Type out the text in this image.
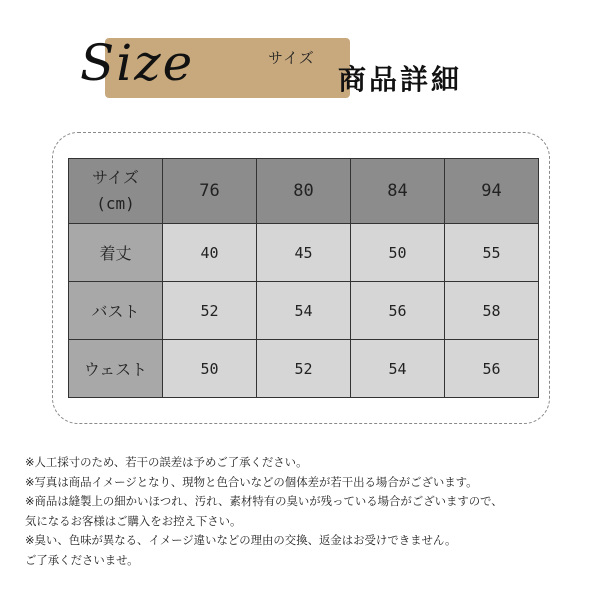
Size	サイズ
商品詳細
サイズ
(cm)	76	80	84	94
着丈	40	45	50	55
バスト	52	54	56	58
ウェスト	50	52	54	56
※人工採寸のため、若干の誤差は予めご了承ください。
※写真は商品イメージとなり、現物と色合いなどの個体差が若干出る場合がございます。
※商品は縫製上の細かいほつれ、汚れ、素材特有の臭いが残っている場合がございますので、
気になるお客様はご購入をお控え下さい。
※臭い、色味が異なる、イメージ違いなどの理由の交換、返金はお受けできません。
ご了承くださいませ。
